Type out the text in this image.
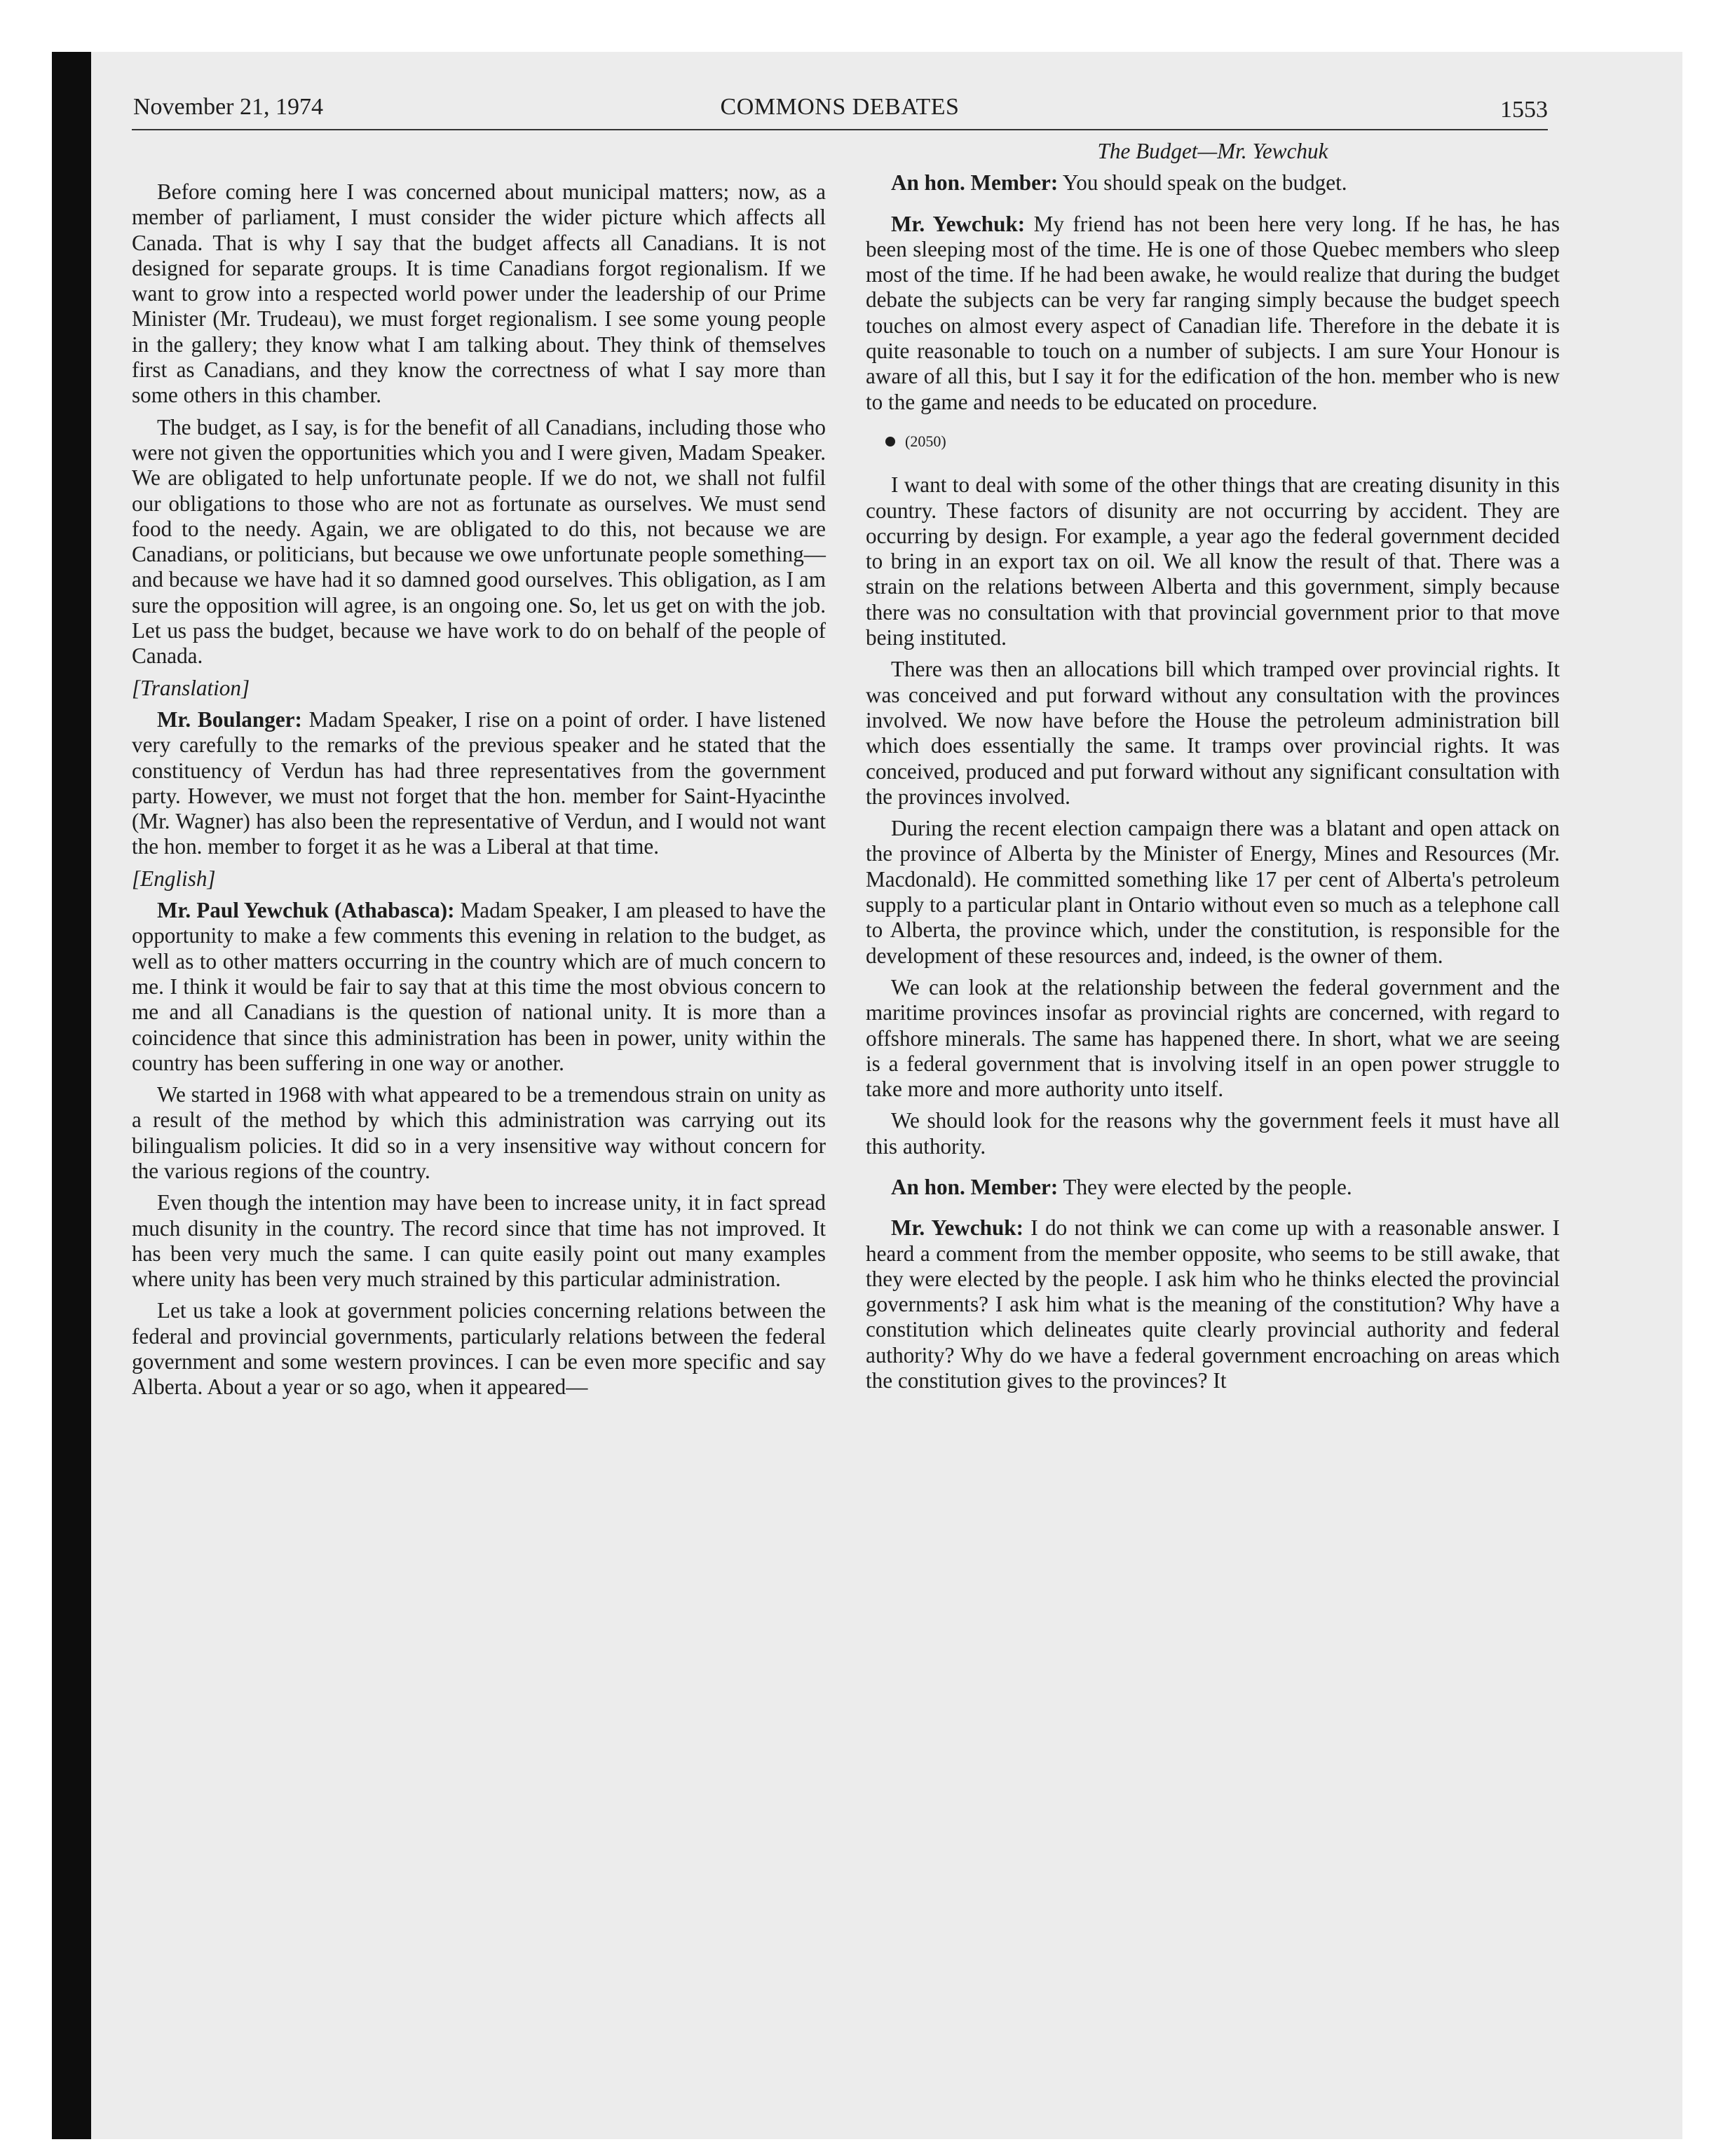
November 21, 1974	COMMONS DEBATES	1553

Before coming here I was concerned about municipal matters; now, as a member of parliament, I must consider the wider picture which affects all Canada. That is why I say that the budget affects all Canadians. It is not designed for separate groups. It is time Canadians forgot regionalism. If we want to grow into a respected world power under the leadership of our Prime Minister (Mr. Trudeau), we must forget regionalism. I see some young people in the gallery; they know what I am talking about. They think of themselves first as Canadians, and they know the correctness of what I say more than some others in this chamber.

The budget, as I say, is for the benefit of all Canadians, including those who were not given the opportunities which you and I were given, Madam Speaker. We are obligated to help unfortunate people. If we do not, we shall not fulfil our obligations to those who are not as fortunate as ourselves. We must send food to the needy. Again, we are obligated to do this, not because we are Canadians, or politicians, but because we owe unfortunate people something—and because we have had it so damned good ourselves. This obligation, as I am sure the opposition will agree, is an ongoing one. So, let us get on with the job. Let us pass the budget, because we have work to do on behalf of the people of Canada.

[Translation]

Mr. Boulanger: Madam Speaker, I rise on a point of order. I have listened very carefully to the remarks of the previous speaker and he stated that the constituency of Verdun has had three representatives from the government party. However, we must not forget that the hon. member for Saint-Hyacinthe (Mr. Wagner) has also been the representative of Verdun, and I would not want the hon. member to forget it as he was a Liberal at that time.

[English]

Mr. Paul Yewchuk (Athabasca): Madam Speaker, I am pleased to have the opportunity to make a few comments this evening in relation to the budget, as well as to other matters occurring in the country which are of much concern to me. I think it would be fair to say that at this time the most obvious concern to me and all Canadians is the question of national unity. It is more than a coincidence that since this administration has been in power, unity within the country has been suffering in one way or another.

We started in 1968 with what appeared to be a tremendous strain on unity as a result of the method by which this administration was carrying out its bilingualism policies. It did so in a very insensitive way without concern for the various regions of the country.

Even though the intention may have been to increase unity, it in fact spread much disunity in the country. The record since that time has not improved. It has been very much the same. I can quite easily point out many examples where unity has been very much strained by this particular administration.

Let us take a look at government policies concerning relations between the federal and provincial governments, particularly relations between the federal government and some western provinces. I can be even more specific and say Alberta. About a year or so ago, when it appeared—

The Budget—Mr. Yewchuk

An hon. Member: You should speak on the budget.

Mr. Yewchuk: My friend has not been here very long. If he has, he has been sleeping most of the time. He is one of those Quebec members who sleep most of the time. If he had been awake, he would realize that during the budget debate the subjects can be very far ranging simply because the budget speech touches on almost every aspect of Canadian life. Therefore in the debate it is quite reasonable to touch on a number of subjects. I am sure Your Honour is aware of all this, but I say it for the edification of the hon. member who is new to the game and needs to be educated on procedure.

(2050)

I want to deal with some of the other things that are creating disunity in this country. These factors of disunity are not occurring by accident. They are occurring by design. For example, a year ago the federal government decided to bring in an export tax on oil. We all know the result of that. There was a strain on the relations between Alberta and this government, simply because there was no consultation with that provincial government prior to that move being instituted.

There was then an allocations bill which tramped over provincial rights. It was conceived and put forward without any consultation with the provinces involved. We now have before the House the petroleum administration bill which does essentially the same. It tramps over provincial rights. It was conceived, produced and put forward without any significant consultation with the provinces involved.

During the recent election campaign there was a blatant and open attack on the province of Alberta by the Minister of Energy, Mines and Resources (Mr. Macdonald). He committed something like 17 per cent of Alberta's petroleum supply to a particular plant in Ontario without even so much as a telephone call to Alberta, the province which, under the constitution, is responsible for the development of these resources and, indeed, is the owner of them.

We can look at the relationship between the federal government and the maritime provinces insofar as provincial rights are concerned, with regard to offshore minerals. The same has happened there. In short, what we are seeing is a federal government that is involving itself in an open power struggle to take more and more authority unto itself.

We should look for the reasons why the government feels it must have all this authority.

An hon. Member: They were elected by the people.

Mr. Yewchuk: I do not think we can come up with a reasonable answer. I heard a comment from the member opposite, who seems to be still awake, that they were elected by the people. I ask him who he thinks elected the provincial governments? I ask him what is the meaning of the constitution? Why have a constitution which delineates quite clearly provincial authority and federal authority? Why do we have a federal government encroaching on areas which the constitution gives to the provinces? It
